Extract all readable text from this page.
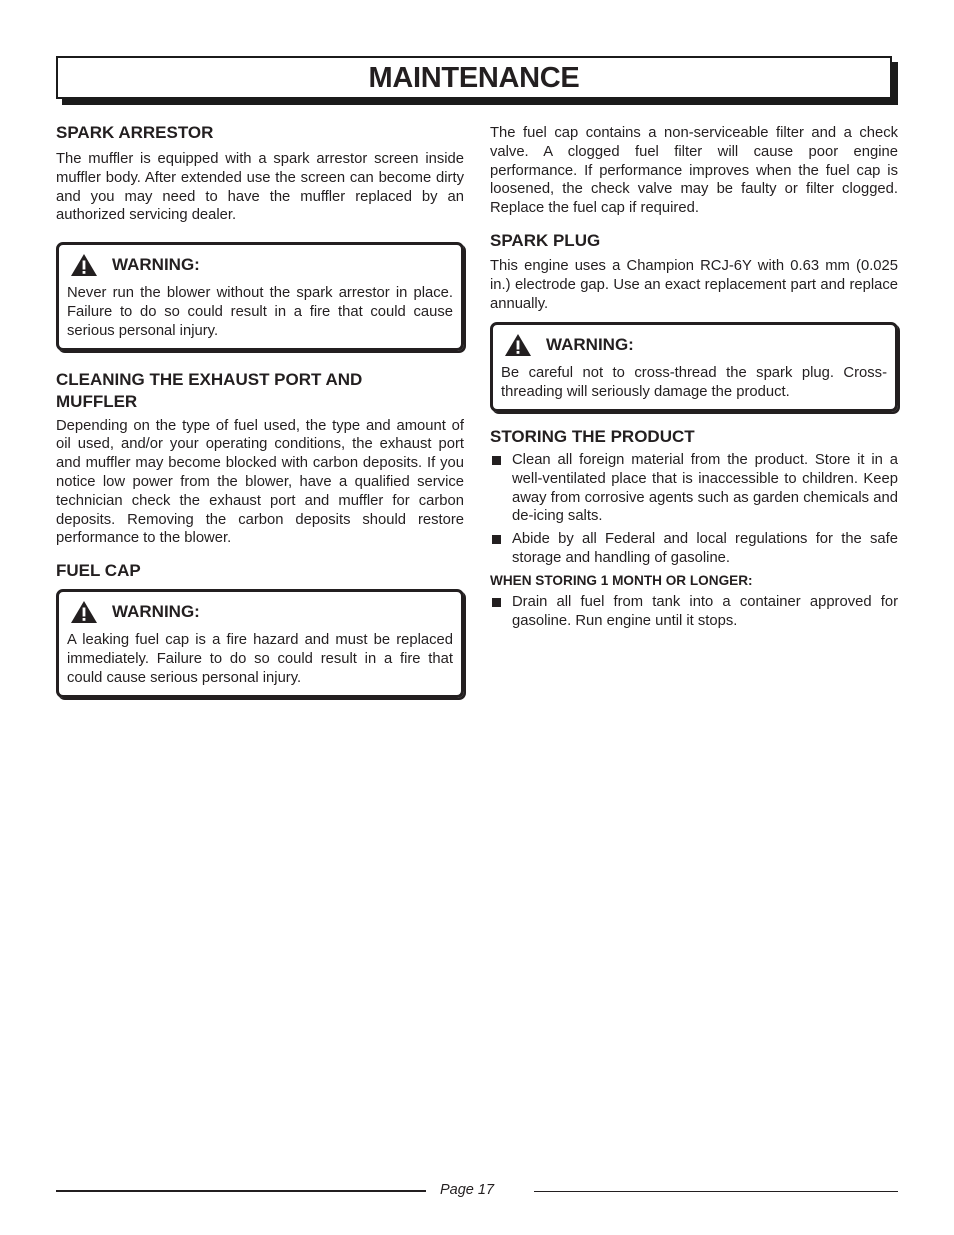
MAINTENANCE
SPARK ARRESTOR

The muffler is equipped with a spark arrestor screen inside muffler body. After extended use the screen can become dirty and you may need to have the muffler replaced by an authorized servicing dealer.

WARNING:

Never run the blower without the spark arrestor in place. Failure to do so could result in a fire that could cause serious personal injury.

CLEANING THE EXHAUST PORT AND MUFFLER

Depending on the type of fuel used, the type and amount of oil used, and/or your operating conditions, the exhaust port and muffler may become blocked with carbon deposits. If you notice low power from the blower, have a qualified service technician check the exhaust port and muffler for carbon deposits. Removing the carbon deposits should restore performance to the blower.

FUEL CAP
WARNING:

A leaking fuel cap is a fire hazard and must be replaced immediately. Failure to do so could result in a fire that could cause serious personal injury.

The fuel cap contains a non-serviceable filter and a check valve. A clogged fuel filter will cause poor engine performance. If performance improves when the fuel cap is loosened, the check valve may be faulty or filter clogged. Replace the fuel cap if required.

SPARK PLUG

This engine uses a Champion RCJ-6Y with 0.63 mm (0.025 in.) electrode gap. Use an exact replacement part and replace annually.

WARNING:

Be careful not to cross-thread the spark plug. Cross-threading will seriously damage the product.

STORING THE PRODUCT
Clean all foreign material from the product. Store it in a well-ventilated place that is inaccessible to children. Keep away from corrosive agents such as garden chemicals and de-icing salts.
Abide by all Federal and local regulations for the safe storage and handling of gasoline.
WHEN STORING 1 MONTH OR LONGER:
Drain all fuel from tank into a container approved for gasoline. Run engine until it stops.
Page 17
